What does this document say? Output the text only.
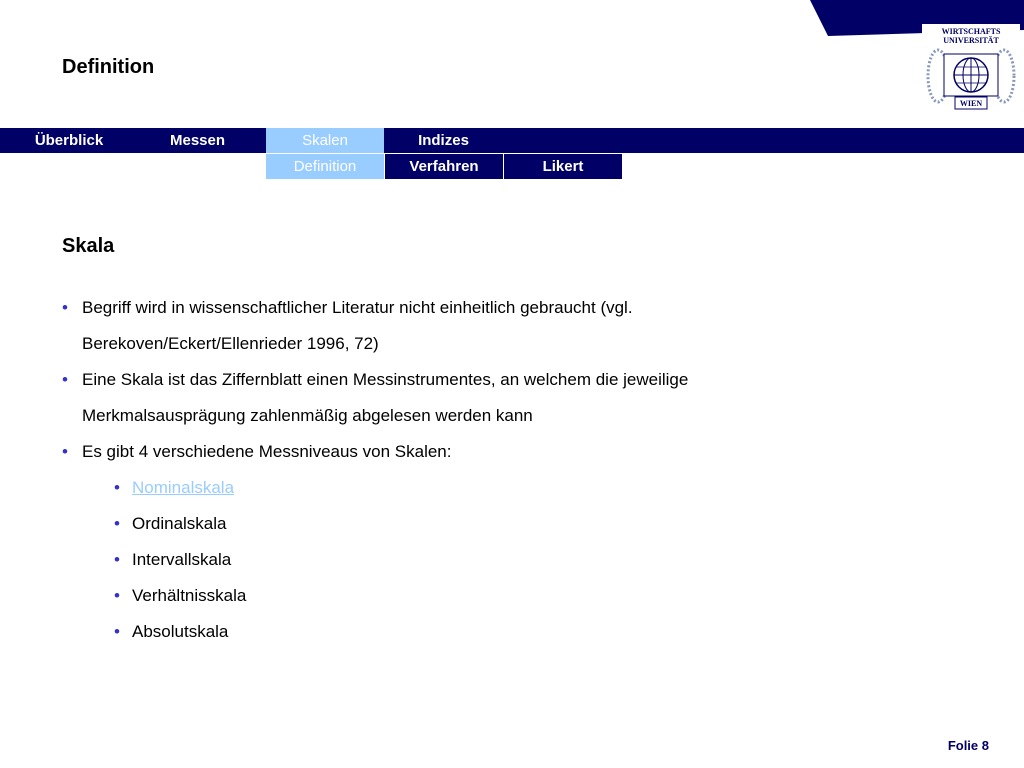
Definition
WIRTSCHAFTS
UNIVERSITÄT
WIEN
Überblick	Messen	Skalen	Indizes
Definition	Verfahren	Likert
Skala
• Begriff wird in wissenschaftlicher Literatur nicht einheitlich gebraucht (vgl.
Berekoven/Eckert/Ellenrieder 1996, 72)
• Eine Skala ist das Ziffernblatt einen Messinstrumentes, an welchem die jeweilige
Merkmalsausprägung zahlenmäßig abgelesen werden kann
• Es gibt 4 verschiedene Messniveaus von Skalen:
• Nominalskala
• Ordinalskala
• Intervallskala
• Verhältnisskala
• Absolutskala
Folie 8
